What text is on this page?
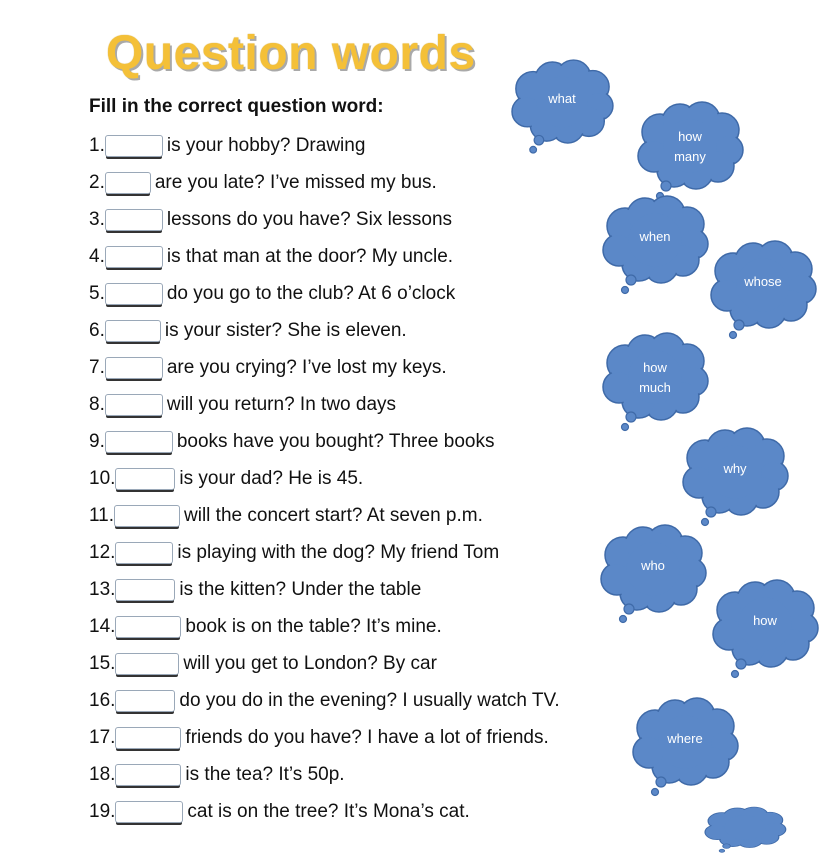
Question words
Fill in the correct question word:
1.	is your hobby? Drawing
2.	are you late? I’ve missed my bus.
3.	lessons do you have? Six lessons
4.	is that man at the door? My uncle.
5.	do you go to the club? At 6 o’clock
6.	is your sister? She is eleven.
7.	are you crying? I’ve lost my keys.
8.	will you return? In two days
9.	books have you bought? Three books
10.	is your dad? He is 45.
11.	will the concert start? At seven p.m.
12.	is playing with the dog? My friend Tom
13.	is the kitten? Under the table
14.	book is on the table? It’s mine.
15.	will you get to London? By car
16.	do you do in the evening? I usually watch TV.
17.	friends do you have? I have a lot of friends.
18.	is the tea? It’s 50p.
19.	cat is on the tree? It’s Mona’s cat.
what
how
many
when
whose
how
much
why
who
how
where
